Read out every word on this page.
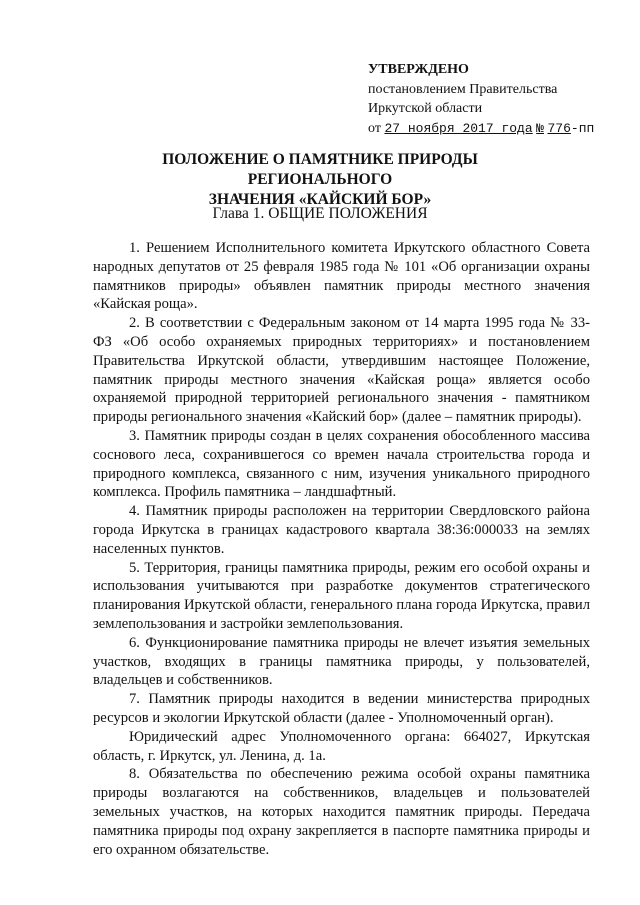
УТВЕРЖДЕНО
постановлением Правительства
Иркутской области
от 27 ноября 2017 года № 776-пп
ПОЛОЖЕНИЕ О ПАМЯТНИКЕ ПРИРОДЫ РЕГИОНАЛЬНОГО
ЗНАЧЕНИЯ «КАЙСКИЙ БОР»
Глава 1. ОБЩИЕ ПОЛОЖЕНИЯ

1. Решением Исполнительного комитета Иркутского областного Совета народных депутатов от 25 февраля 1985 года № 101 «Об организации охраны памятников природы» объявлен памятник природы местного значения «Кайская роща».

2. В соответствии с Федеральным законом от 14 марта 1995 года № 33-ФЗ «Об особо охраняемых природных территориях» и постановлением Правительства Иркутской области, утвердившим настоящее Положение, памятник природы местного значения «Кайская роща» является особо охраняемой природной территорией регионального значения - памятником природы регионального значения «Кайский бор» (далее – памятник природы).

3. Памятник природы создан в целях сохранения обособленного массива соснового леса, сохранившегося со времен начала строительства города и природного комплекса, связанного с ним, изучения уникального природного комплекса. Профиль памятника – ландшафтный.

4. Памятник природы расположен на территории Свердловского района города Иркутска в границах кадастрового квартала 38:36:000033 на землях населенных пунктов.

5. Территория, границы памятника природы, режим его особой охраны и использования учитываются при разработке документов стратегического планирования Иркутской области, генерального плана города Иркутска, правил землепользования и застройки землепользования.

6. Функционирование памятника природы не влечет изъятия земельных участков, входящих в границы памятника природы, у пользователей, владельцев и собственников.

7. Памятник природы находится в ведении министерства природных ресурсов и экологии Иркутской области (далее - Уполномоченный орган).

Юридический адрес Уполномоченного органа: 664027, Иркутская область, г. Иркутск, ул. Ленина, д. 1а.

8. Обязательства по обеспечению режима особой охраны памятника природы возлагаются на собственников, владельцев и пользователей земельных участков, на которых находится памятник природы. Передача памятника природы под охрану закрепляется в паспорте памятника природы и его охранном обязательстве.
